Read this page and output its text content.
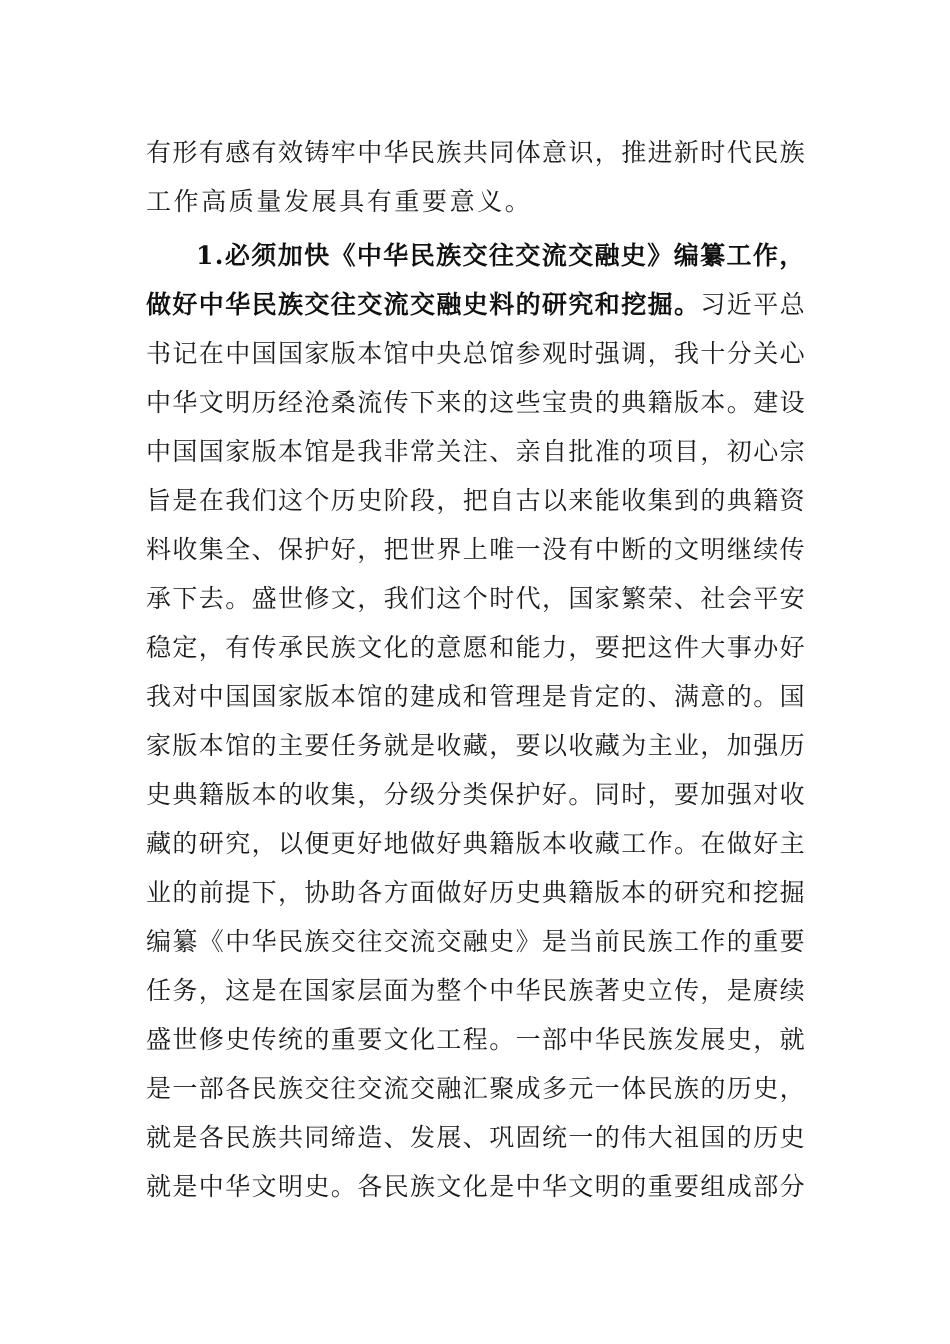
有形有感有效铸牢中华民族共同体意识，推进新时代民族
工作高质量发展具有重要意义。
1.必须加快《中华民族交往交流交融史》编纂工作，
做好中华民族交往交流交融史料的研究和挖掘。习近平总
书记在中国国家版本馆中央总馆参观时强调，我十分关心
中华文明历经沧桑流传下来的这些宝贵的典籍版本。建设
中国国家版本馆是我非常关注、亲自批准的项目，初心宗
旨是在我们这个历史阶段，把自古以来能收集到的典籍资
料收集全、保护好，把世界上唯一没有中断的文明继续传
承下去。盛世修文，我们这个时代，国家繁荣、社会平安
稳定，有传承民族文化的意愿和能力，要把这件大事办好
我对中国国家版本馆的建成和管理是肯定的、满意的。国
家版本馆的主要任务就是收藏，要以收藏为主业，加强历
史典籍版本的收集，分级分类保护好。同时，要加强对收
藏的研究，以便更好地做好典籍版本收藏工作。在做好主
业的前提下，协助各方面做好历史典籍版本的研究和挖掘
编纂《中华民族交往交流交融史》是当前民族工作的重要
任务，这是在国家层面为整个中华民族著史立传，是赓续
盛世修史传统的重要文化工程。一部中华民族发展史，就
是一部各民族交往交流交融汇聚成多元一体民族的历史，
就是各民族共同缔造、发展、巩固统一的伟大祖国的历史
就是中华文明史。各民族文化是中华文明的重要组成部分
